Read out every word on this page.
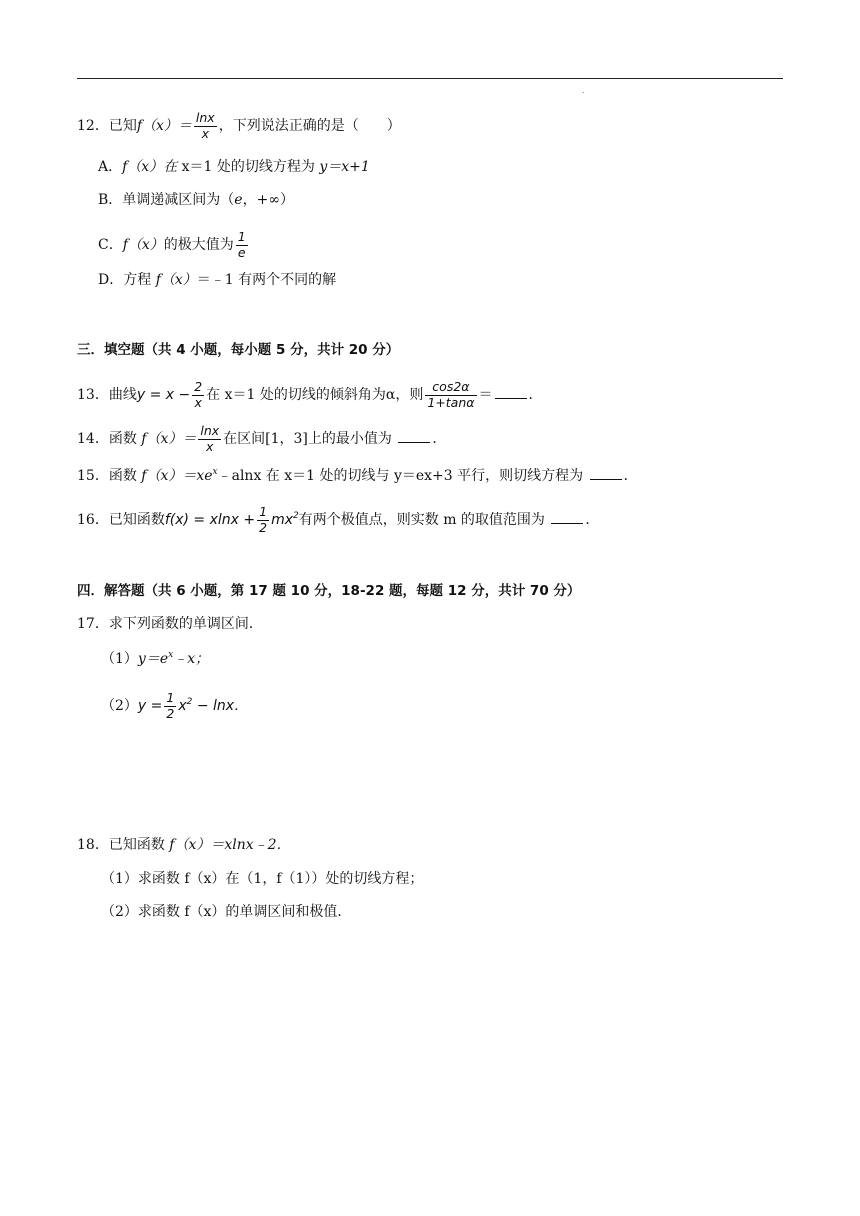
.
12．已知$f(x)= \frac{\ln x}{x}$ ，下列说法正确的是（　　）
A．f（x）在 x＝1 处的切线方程为 y＝x+1
B．单调递减区间为（e，+∞）
C．f（x）的极大值为 $\frac{1}{e}$
D．方程 f（x）＝﹣1 有两个不同的解
三．填空题（共 4 小题，每小题 5 分，共计 20 分）
13．曲线$y = x - \frac{2}{x}$ 在 x＝1 处的切线的倾斜角为α，则 $\frac{\cos 2\alpha}{1+\tan\alpha}$ ＝	．
14．函数 $f(x)= \frac{\ln x}{x}$ 在区间[1，3]上的最小值为	．
15．函数 $f(x)=xe^x﹣alnx$ 在 x＝1 处的切线与 y＝ex+3 平行，则切线方程为	．
16．已知函数$f(x) = xlnx + \frac{1}{2} mx^2$有两个极值点，则实数 m 的取值范围为	．
四．解答题（共 6 小题，第 17 题 10 分，18-22 题，每题 12 分，共计 70 分）
17．求下列函数的单调区间．
$(1)y=e^x﹣x$；
$(2)y = \frac{1}{2} x^2 - \ln x$．
18．已知函数 f（x）＝xlnx﹣2．
（1）求函数 f（x）在（1，f（1））处的切线方程；
（2）求函数 f（x）的单调区间和极值．
